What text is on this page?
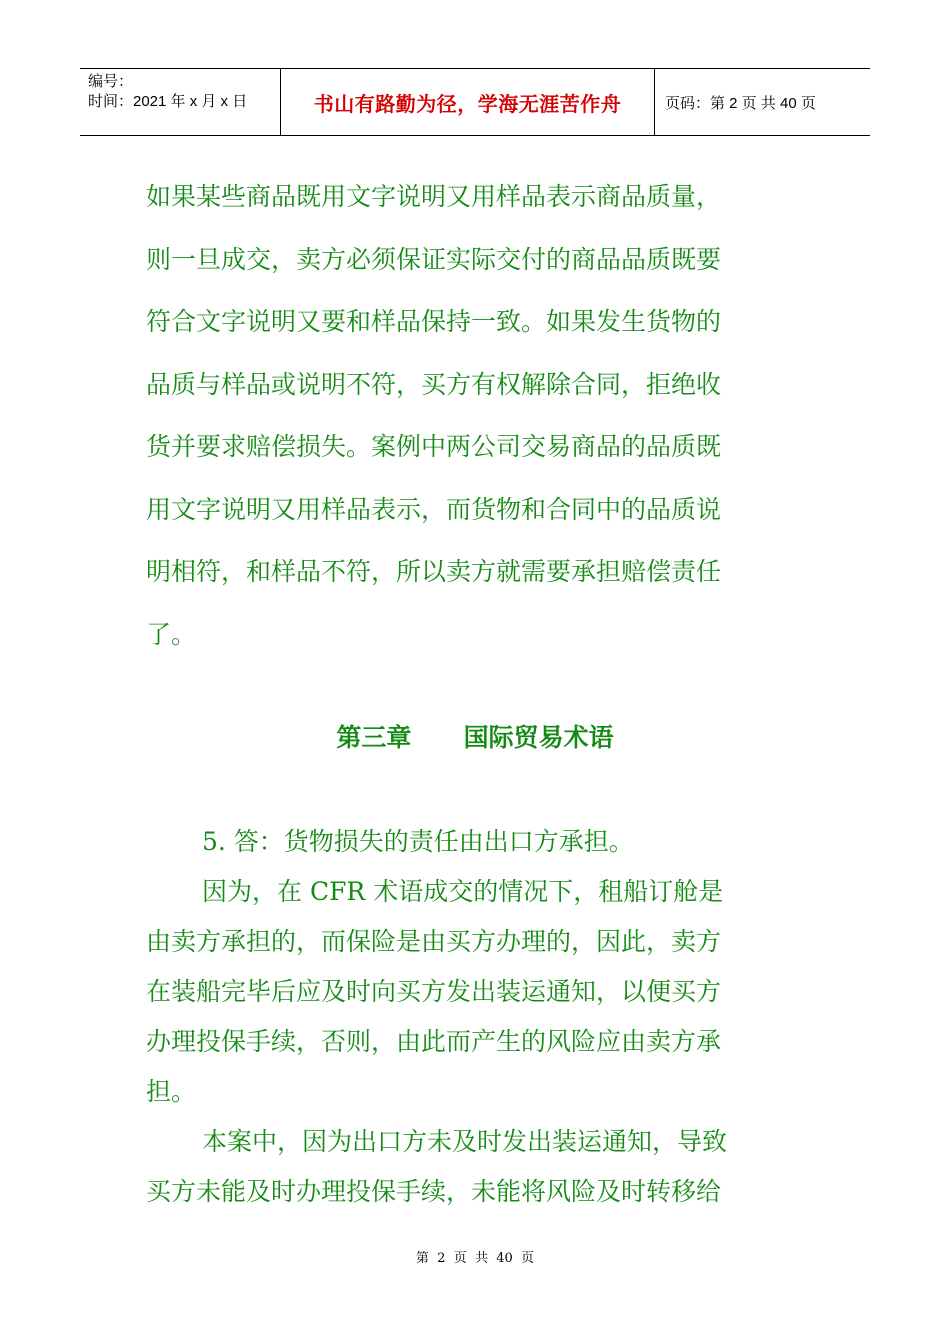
编号：
时间：2021 年 x 月 x 日	书山有路勤为径，学海无涯苦作舟	页码：第 2 页 共 40 页
如果某些商品既用文字说明又用样品表示商品质量，
则一旦成交，卖方必须保证实际交付的商品品质既要
符合文字说明又要和样品保持一致。如果发生货物的
品质与样品或说明不符，买方有权解除合同，拒绝收
货并要求赔偿损失。案例中两公司交易商品的品质既
用文字说明又用样品表示，而货物和合同中的品质说
明相符，和样品不符，所以卖方就需要承担赔偿责任
了。
第三章      国际贸易术语
5. 答：货物损失的责任由出口方承担。
因为，在 CFR 术语成交的情况下，租船订舱是
由卖方承担的，而保险是由买方办理的，因此，卖方
在装船完毕后应及时向买方发出装运通知，以便买方
办理投保手续，否则，由此而产生的风险应由卖方承
担。
本案中，因为出口方未及时发出装运通知，导致
买方未能及时办理投保手续，未能将风险及时转移给
第  2  页  共  40  页
